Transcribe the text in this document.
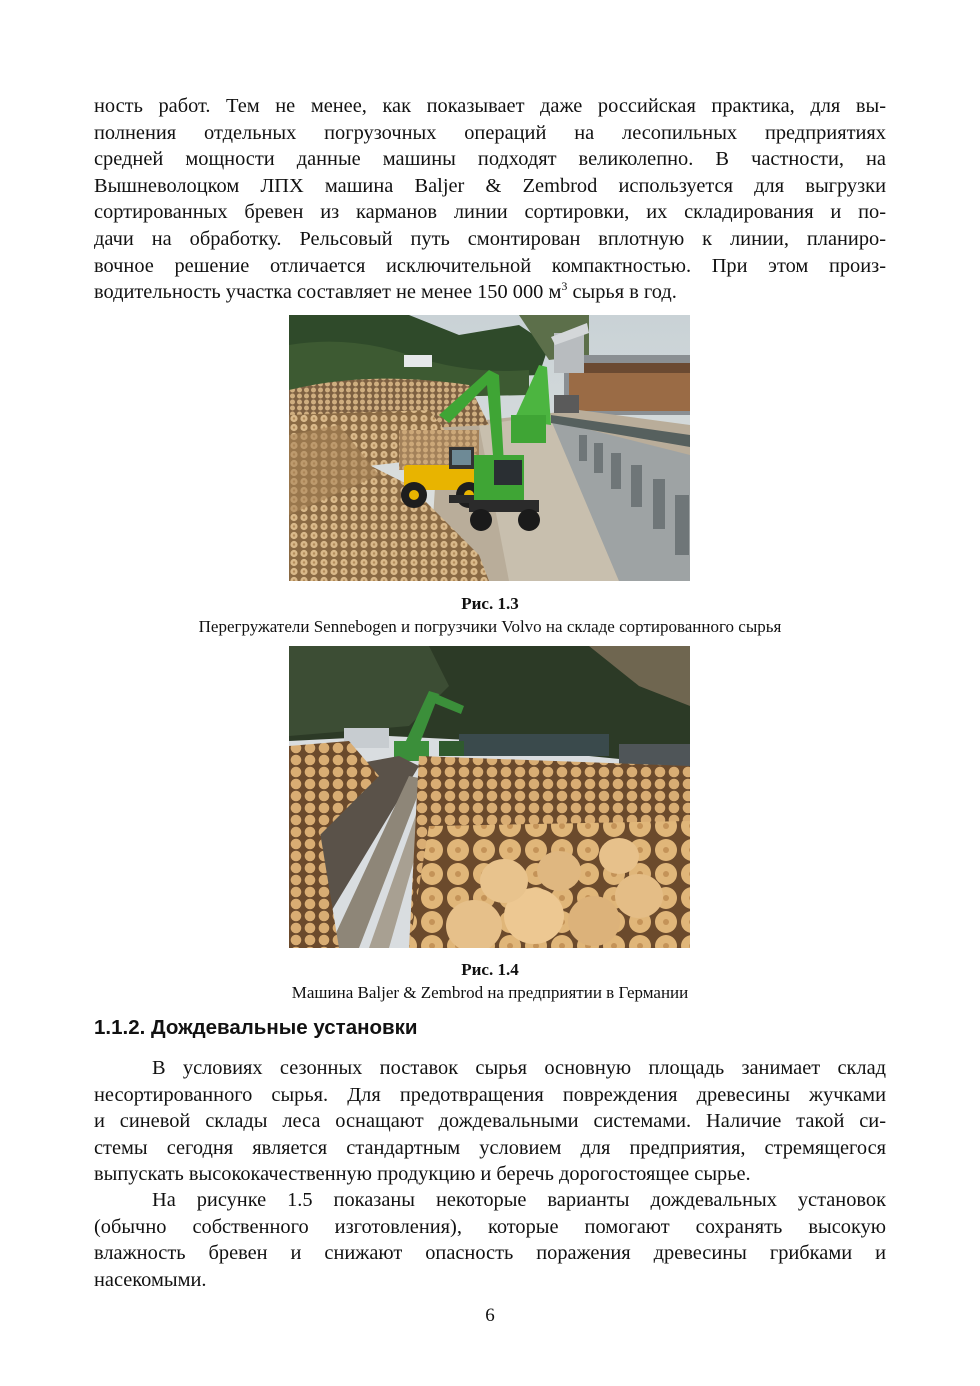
ность работ. Тем не менее, как показывает даже российская практика, для вы-
полнения отдельных погрузочных операций на лесопильных предприятиях
средней мощности данные машины подходят великолепно. В частности, на
Вышневолоцком ЛПХ машина Baljer & Zembrod используется для выгрузки
сортированных бревен из карманов линии сортировки, их складирования и по-
дачи на обработку. Рельсовый путь смонтирован вплотную к линии, планиро-
вочное решение отличается исключительной компактностью. При этом произ-
водительность участка составляет не менее 150 000 $м^3$ сырья в год.
Рис. 1.3
Перегружатели Sennebogen и погрузчики Volvo на складе сортированного сырья
Рис. 1.4
Машина Baljer & Zembrod на предприятии в Германии
1.1.2. Дождевальные установки
В условиях сезонных поставок сырья основную площадь занимает склад
несортированного сырья. Для предотвращения повреждения древесины жучками
и синевой склады леса оснащают дождевальными системами. Наличие такой си-
стемы сегодня является стандартным условием для предприятия, стремящегося
выпускать высококачественную продукцию и беречь дорогостоящее сырье.
На рисунке 1.5 показаны некоторые варианты дождевальных установок
(обычно собственного изготовления), которые помогают сохранять высокую
влажность бревен и снижают опасность поражения древесины грибками и
насекомыми.
6
